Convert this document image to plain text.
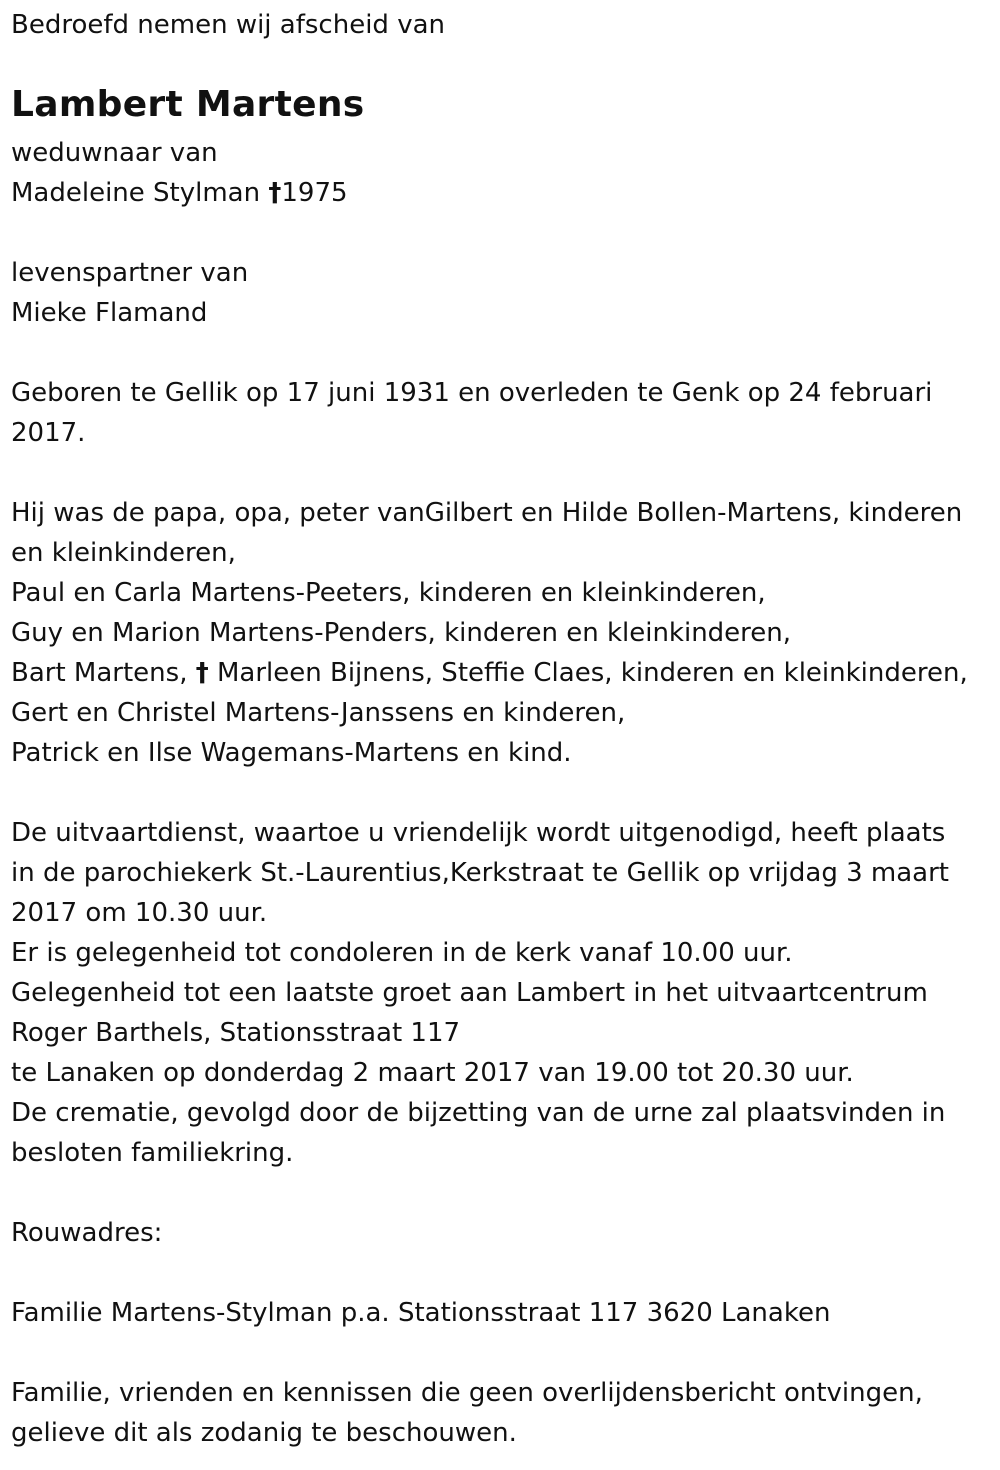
Bedroefd nemen wij afscheid van

Lambert Martens

weduwnaar van

Madeleine Stylman †1975

levenspartner van

Mieke Flamand

Geboren te Gellik op 17 juni 1931 en overleden te Genk op 24 februari

2017.

Hij was de papa, opa, peter vanGilbert en Hilde Bollen-Martens, kinderen

en kleinkinderen,

Paul en Carla Martens-Peeters, kinderen en kleinkinderen,

Guy en Marion Martens-Penders, kinderen en kleinkinderen,

Bart Martens, † Marleen Bijnens, Steffie Claes, kinderen en kleinkinderen,

Gert en Christel Martens-Janssens en kinderen,

Patrick en Ilse Wagemans-Martens en kind.

De uitvaartdienst, waartoe u vriendelijk wordt uitgenodigd, heeft plaats

in de parochiekerk St.-Laurentius,Kerkstraat te Gellik op vrijdag 3 maart

2017 om 10.30 uur.

Er is gelegenheid tot condoleren in de kerk vanaf 10.00 uur.

Gelegenheid tot een laatste groet aan Lambert in het uitvaartcentrum

Roger Barthels, Stationsstraat 117

te Lanaken op donderdag 2 maart 2017 van 19.00 tot 20.30 uur.

De crematie, gevolgd door de bijzetting van de urne zal plaatsvinden in

besloten familiekring.

Rouwadres:

Familie Martens-Stylman p.a. Stationsstraat 117 3620 Lanaken

Familie, vrienden en kennissen die geen overlijdensbericht ontvingen,

gelieve dit als zodanig te beschouwen.
